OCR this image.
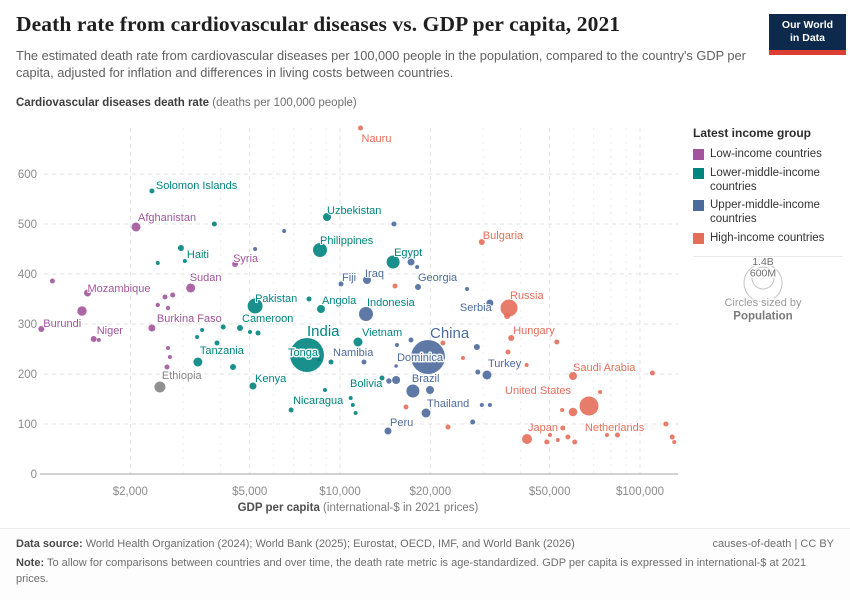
Death rate from cardiovascular diseases vs. GDP per capita, 2021
The estimated death rate from cardiovascular diseases per 100,000 people in the population, compared to the country's GDP per capita, adjusted for inflation and differences in living costs between countries.
Our World
in Data
Cardiovascular diseases death rate (deaths per 100,000 people)
$2,000	$5,000	$10,000	$20,000	$50,000	$100,000
0
100
200
300
400
500
600
GDP per capita (international-$ in 2021 prices)
Nauru
Solomon Islands
Afghanistan
Haiti Syria
Sudan
Mozambique
Burundi
Niger
Burkina Faso
Uzbekistan
Philippines
Egypt
Iraq
Fiji	Georgia
Bulgaria
Serbia
Russia
Hungary
Pakistan
Cameroon
Angola Indonesia
India
Tonga
Vietnam
Namibia
China
Dominica
Brazil
Bolivia
Kenya
Tanzania
Ethiopia
Nicaragua	Thailand
Peru
Turkey	Saudi Arabia
United States
Japan Netherlands
1.4B
600M
Circles sized by
Population
Latest income group
Low-income countries
Lower-middle-income countries
Upper-middle-income countries
High-income countries
Data source: World Health Organization (2024); World Bank (2025); Eurostat, OECD, IMF, and World Bank (2026)	causes-of-death | CC BY
Note: To allow for comparisons between countries and over time, the death rate metric is age-standardized. GDP per capita is expressed in international-$ at 2021 prices.
